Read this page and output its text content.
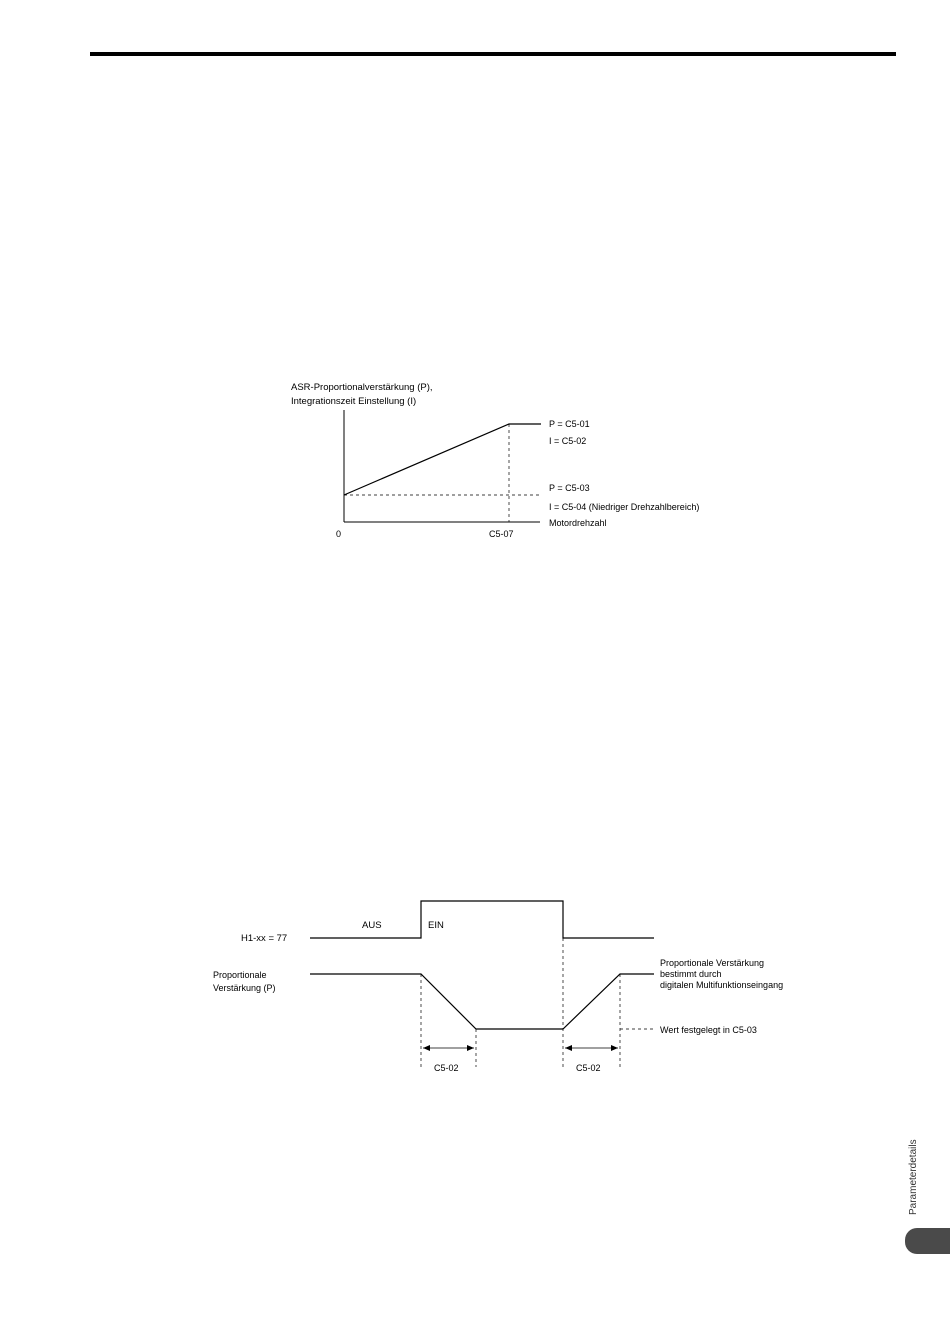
ASR-Proportionalverstärkung (P),
Integrationszeit Einstellung (I)
P = C5-01
I = C5-02
P = C5-03
I = C5-04 (Niedriger Drehzahlbereich)
Motordrehzahl
0	C5-07
H1-xx = 77
AUS	EIN
Proportionale
Verstärkung (P)
C5-02	C5-02
Proportionale Verstärkung
bestimmt durch
digitalen Multifunktionseingang
Wert festgelegt in C5-03
Parameterdetails
